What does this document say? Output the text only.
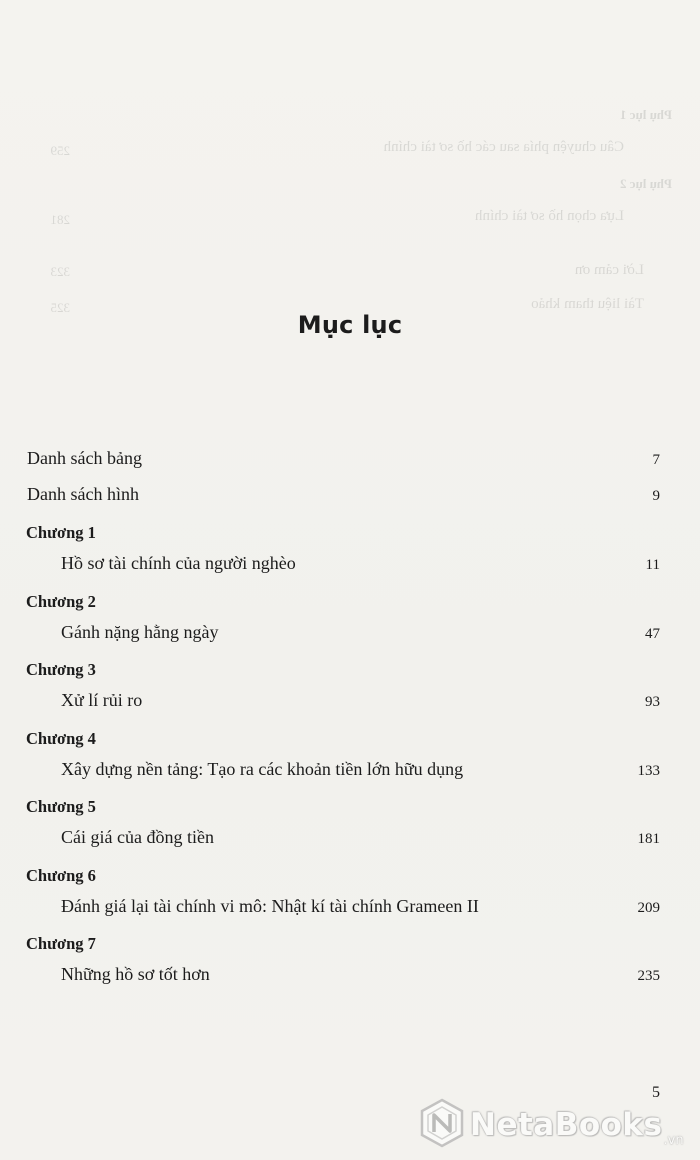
Phụ lục 1
Câu chuyện phía sau các hồ sơ tài chính
259
Phụ lục 2
Lựa chọn hồ sơ tài chính
281
Lời cảm ơn
323
Tài liệu tham khảo
325
Mục lục
Danh sách bảng	7
Danh sách hình	9
Chương 1
Hồ sơ tài chính của người nghèo	11
Chương 2
Gánh nặng hằng ngày	47
Chương 3
Xử lí rủi ro	93
Chương 4
Xây dựng nền tảng: Tạo ra các khoản tiền lớn hữu dụng	133
Chương 5
Cái giá của đồng tiền	181
Chương 6
Đánh giá lại tài chính vi mô: Nhật kí tài chính Grameen II	209
Chương 7
Những hồ sơ tốt hơn	235
5
NetaBooks .vn
